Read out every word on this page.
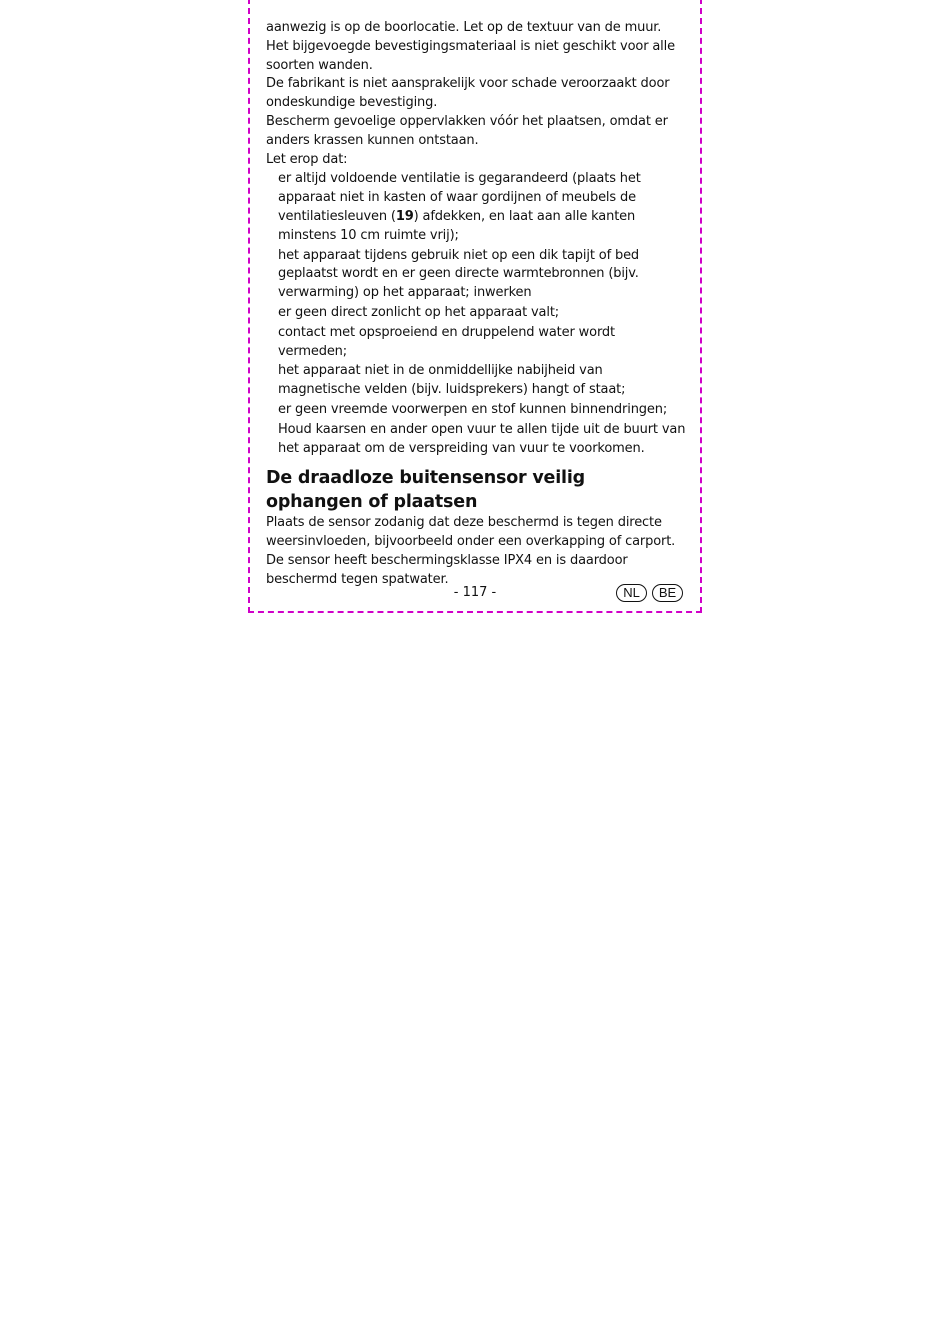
aanwezig is op de boorlocatie. Let op de textuur van de muur. Het bijgevoegde bevestigingsmateriaal is niet geschikt voor alle soorten wanden.

De fabrikant is niet aansprakelijk voor schade veroorzaakt door ondeskundige bevestiging.

Bescherm gevoelige oppervlakken vóór het plaatsen, omdat er anders krassen kunnen ontstaan.

Let erop dat:

er altijd voldoende ventilatie is gegarandeerd (plaats het apparaat niet in kasten of waar gordijnen of meubels de ventilatiesleuven (19) afdekken, en laat aan alle kanten minstens 10 cm ruimte vrij);
het apparaat tijdens gebruik niet op een dik tapijt of bed geplaatst wordt en er geen directe warmtebronnen (bijv. verwarming) op het apparaat; inwerken
er geen direct zonlicht op het apparaat valt;
contact met opsproeiend en druppelend water wordt vermeden;
het apparaat niet in de onmiddellijke nabijheid van magnetische velden (bijv. luidsprekers) hangt of staat;
er geen vreemde voorwerpen en stof kunnen binnendringen;
Houd kaarsen en ander open vuur te allen tijde uit de buurt van het apparaat om de verspreiding van vuur te voorkomen.
De draadloze buitensensor veilig ophangen of plaatsen

Plaats de sensor zodanig dat deze beschermd is tegen directe weersinvloeden, bijvoorbeeld onder een overkapping of carport. De sensor heeft beschermingsklasse IPX4 en is daardoor beschermd tegen spatwater.

- 117 -	NL	BE
